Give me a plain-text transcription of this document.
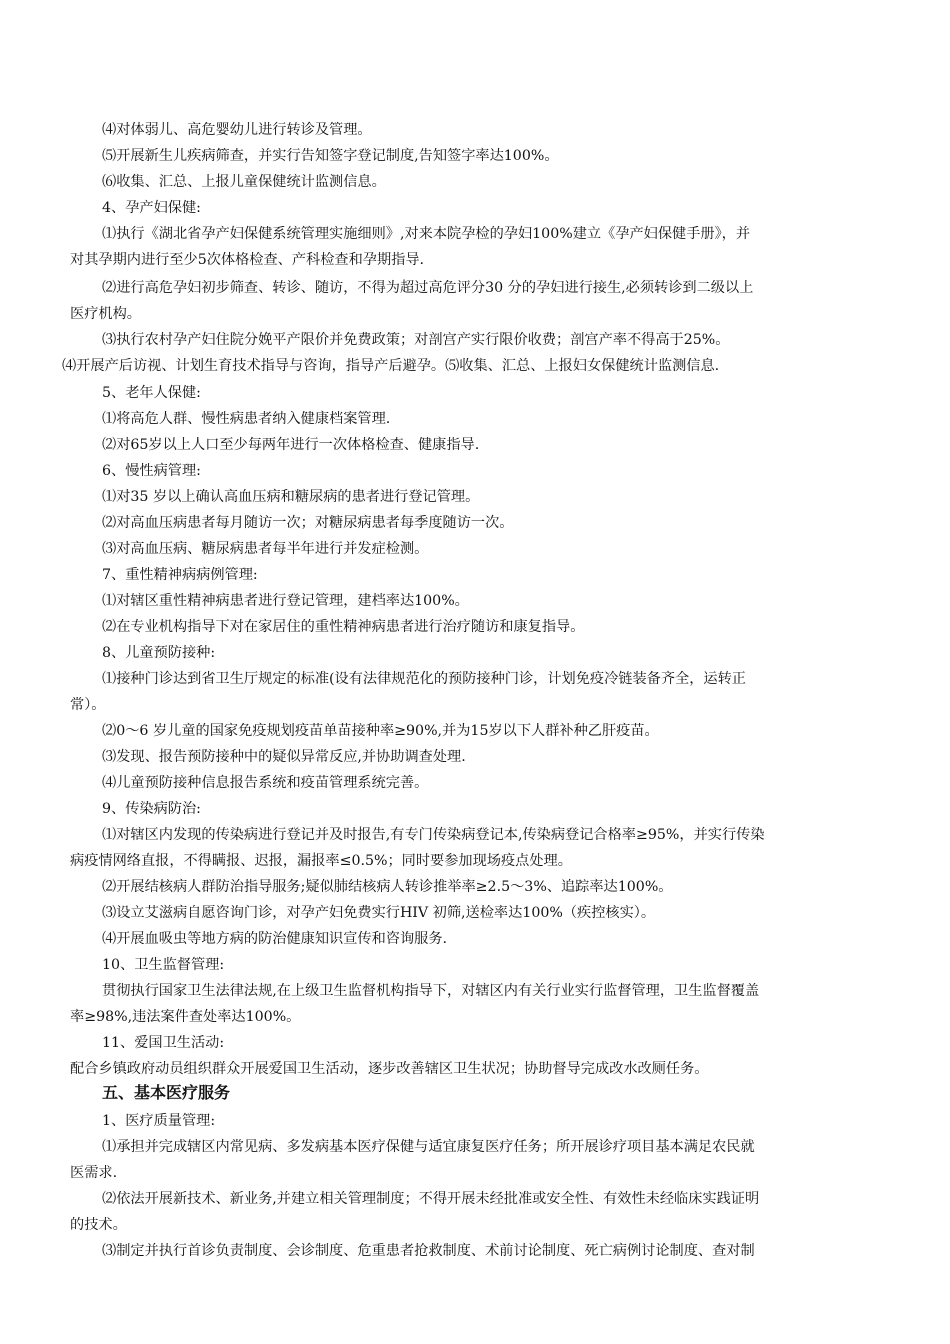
⑷对体弱儿、高危婴幼儿进行转诊及管理。
⑸开展新生儿疾病筛查，并实行告知签字登记制度,告知签字率达100%。
⑹收集、汇总、上报儿童保健统计监测信息。
4、孕产妇保健:
⑴执行《湖北省孕产妇保健系统管理实施细则》,对来本院孕检的孕妇100%建立《孕产妇保健手册》，并
对其孕期内进行至少5次体格检查、产科检查和孕期指导.
⑵进行高危孕妇初步筛查、转诊、随访，不得为超过高危评分30 分的孕妇进行接生,必须转诊到二级以上
医疗机构。
⑶执行农村孕产妇住院分娩平产限价并免费政策；对剖宫产实行限价收费；剖宫产率不得高于25%。
⑷开展产后访视、计划生育技术指导与咨询，指导产后避孕。⑸收集、汇总、上报妇女保健统计监测信息.
5、老年人保健:
⑴将高危人群、慢性病患者纳入健康档案管理.
⑵对65岁以上人口至少每两年进行一次体格检查、健康指导.
6、慢性病管理:
⑴对35 岁以上确认高血压病和糖尿病的患者进行登记管理。
⑵对高血压病患者每月随访一次；对糖尿病患者每季度随访一次。
⑶对高血压病、糖尿病患者每半年进行并发症检测。
7、重性精神病病例管理:
⑴对辖区重性精神病患者进行登记管理，建档率达100%。
⑵在专业机构指导下对在家居住的重性精神病患者进行治疗随访和康复指导。
8、儿童预防接种:
⑴接种门诊达到省卫生厅规定的标准(设有法律规范化的预防接种门诊，计划免疫冷链装备齐全，运转正
常）。
⑵0～6 岁儿童的国家免疫规划疫苗单苗接种率≥90%,并为15岁以下人群补种乙肝疫苗。
⑶发现、报告预防接种中的疑似异常反应,并协助调查处理.
⑷儿童预防接种信息报告系统和疫苗管理系统完善。
9、传染病防治:
⑴对辖区内发现的传染病进行登记并及时报告,有专门传染病登记本,传染病登记合格率≥95%，并实行传染
病疫情网络直报，不得瞒报、迟报，漏报率≤0.5%；同时要参加现场疫点处理。
⑵开展结核病人群防治指导服务;疑似肺结核病人转诊推举率≥2.5～3%、追踪率达100%。
⑶设立艾滋病自愿咨询门诊，对孕产妇免费实行HIV 初筛,送检率达100%（疾控核实）。
⑷开展血吸虫等地方病的防治健康知识宣传和咨询服务.
10、卫生监督管理:
贯彻执行国家卫生法律法规,在上级卫生监督机构指导下，对辖区内有关行业实行监督管理，卫生监督覆盖
率≥98%,违法案件查处率达100%。
11、爱国卫生活动:
配合乡镇政府动员组织群众开展爱国卫生活动，逐步改善辖区卫生状况；协助督导完成改水改厕任务。
五、基本医疗服务
1、医疗质量管理:
⑴承担并完成辖区内常见病、多发病基本医疗保健与适宜康复医疗任务；所开展诊疗项目基本满足农民就
医需求.
⑵依法开展新技术、新业务,并建立相关管理制度；不得开展未经批准或安全性、有效性未经临床实践证明
的技术。
⑶制定并执行首诊负责制度、会诊制度、危重患者抢救制度、术前讨论制度、死亡病例讨论制度、查对制
